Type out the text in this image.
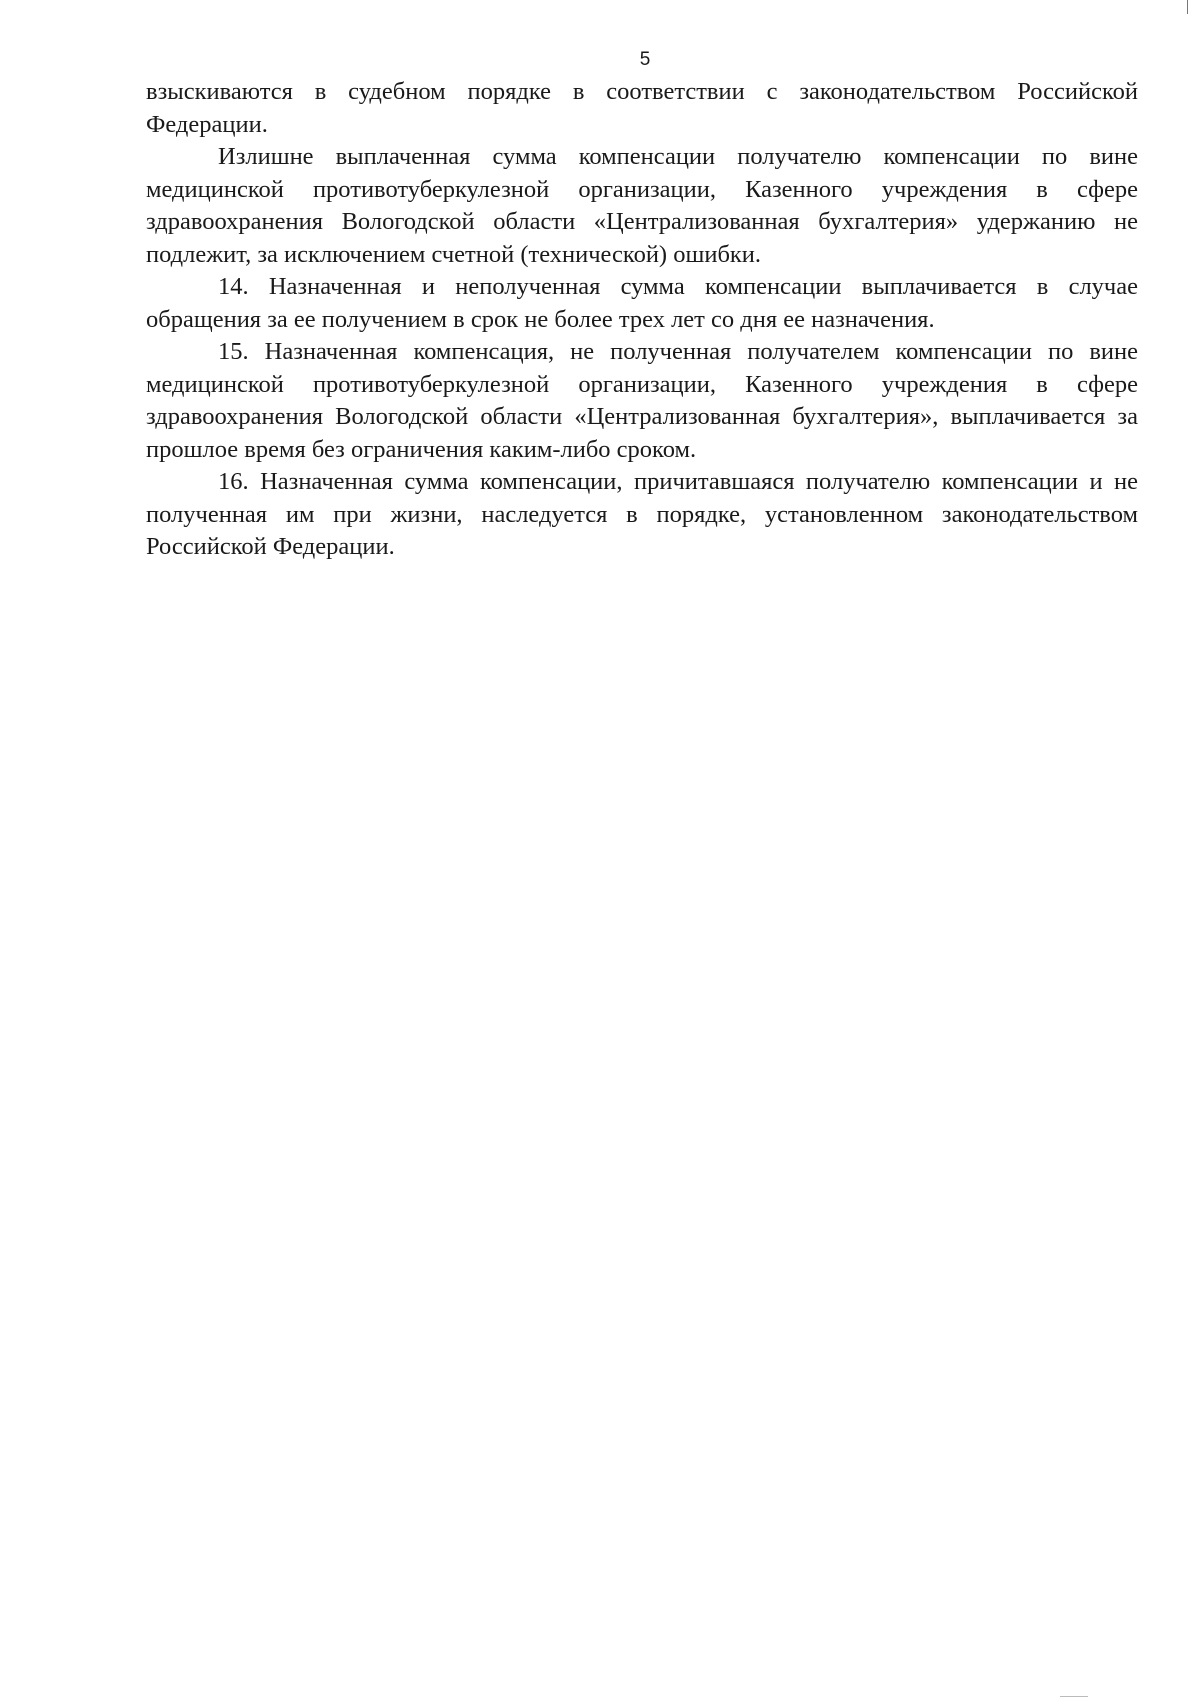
5

взыскиваются в судебном порядке в соответствии с законодательством Российской Федерации.

Излишне выплаченная сумма компенсации получателю компенсации по вине медицинской противотуберкулезной организации, Казенного учреждения в сфере здравоохранения Вологодской области «Централизованная бухгалтерия» удержанию не подлежит, за исключением счетной (технической) ошибки.

14. Назначенная и неполученная сумма компенсации выплачивается в случае обращения за ее получением в срок не более трех лет со дня ее назначения.

15. Назначенная компенсация, не полученная получателем компенсации по вине медицинской противотуберкулезной организации, Казенного учреждения в сфере здравоохранения Вологодской области «Централизованная бухгалтерия», выплачивается за прошлое время без ограничения каким-либо сроком.

16. Назначенная сумма компенсации, причитавшаяся получателю компенсации и не полученная им при жизни, наследуется в порядке, установленном законодательством Российской Федерации.
